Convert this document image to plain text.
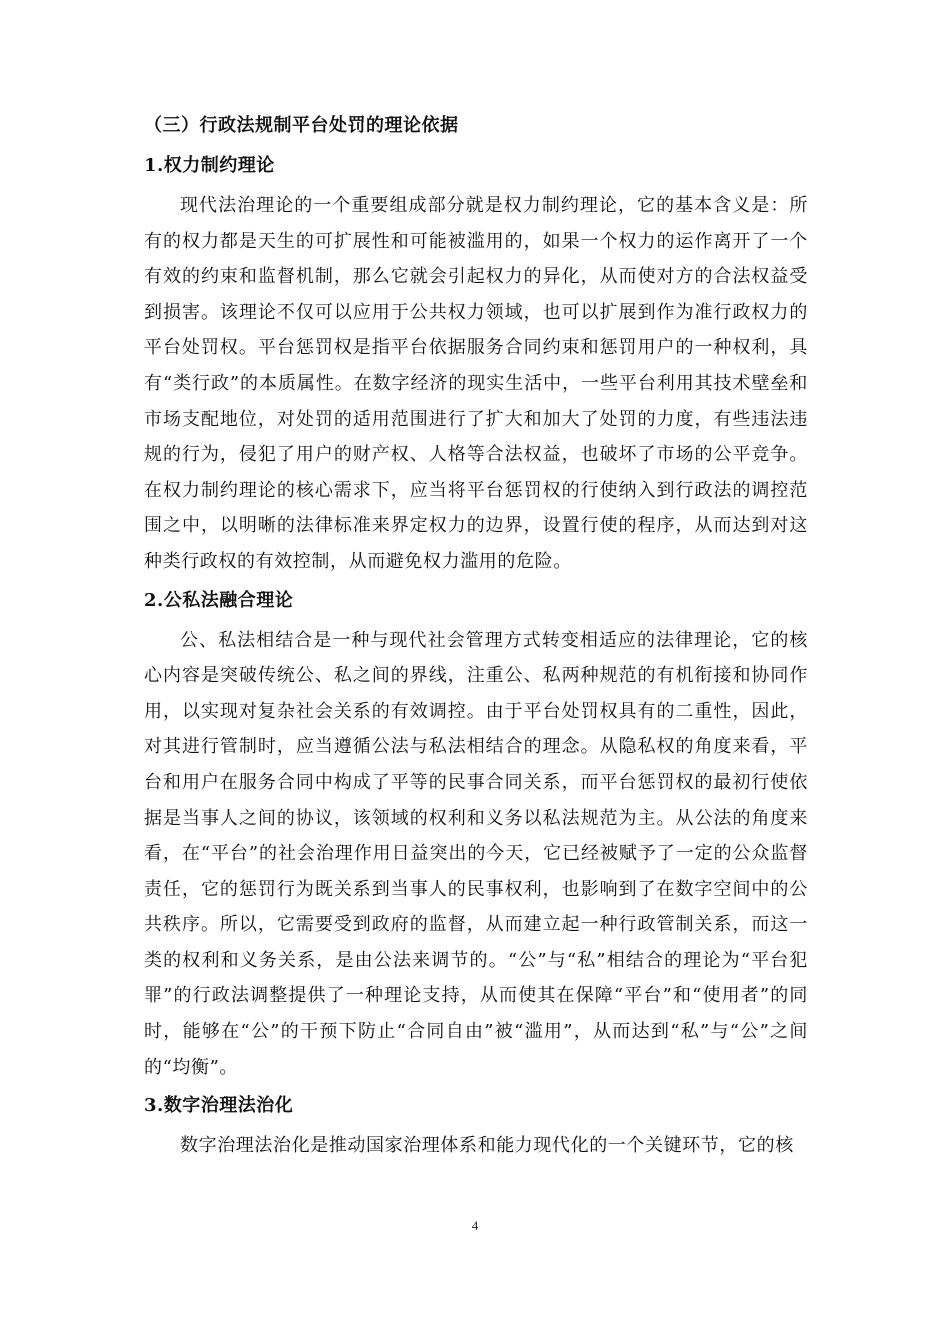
（三）行政法规制平台处罚的理论依据
1.权力制约理论

现代法治理论的一个重要组成部分就是权力制约理论，它的基本含义是：所有的权力都是天生的可扩展性和可能被滥用的，如果一个权力的运作离开了一个有效的约束和监督机制，那么它就会引起权力的异化，从而使对方的合法权益受到损害。该理论不仅可以应用于公共权力领域，也可以扩展到作为准行政权力的平台处罚权。平台惩罚权是指平台依据服务合同约束和惩罚用户的一种权利，具有“类行政”的本质属性。在数字经济的现实生活中，一些平台利用其技术壁垒和市场支配地位，对处罚的适用范围进行了扩大和加大了处罚的力度，有些违法违规的行为，侵犯了用户的财产权、人格等合法权益，也破坏了市场的公平竞争。在权力制约理论的核心需求下，应当将平台惩罚权的行使纳入到行政法的调控范围之中，以明晰的法律标准来界定权力的边界，设置行使的程序，从而达到对这种类行政权的有效控制，从而避免权力滥用的危险。

2.公私法融合理论

公、私法相结合是一种与现代社会管理方式转变相适应的法律理论，它的核心内容是突破传统公、私之间的界线，注重公、私两种规范的有机衔接和协同作用，以实现对复杂社会关系的有效调控。由于平台处罚权具有的二重性，因此，对其进行管制时，应当遵循公法与私法相结合的理念。从隐私权的角度来看，平台和用户在服务合同中构成了平等的民事合同关系，而平台惩罚权的最初行使依据是当事人之间的协议，该领域的权利和义务以私法规范为主。从公法的角度来看，在“平台”的社会治理作用日益突出的今天，它已经被赋予了一定的公众监督责任，它的惩罚行为既关系到当事人的民事权利，也影响到了在数字空间中的公共秩序。所以，它需要受到政府的监督，从而建立起一种行政管制关系，而这一类的权利和义务关系，是由公法来调节的。“公”与“私”相结合的理论为“平台犯罪”的行政法调整提供了一种理论支持，从而使其在保障“平台”和“使用者”的同时，能够在“公”的干预下防止“合同自由”被“滥用”，从而达到“私”与“公”之间的“均衡”。

3.数字治理法治化

数字治理法治化是推动国家治理体系和能力现代化的一个关键环节，它的核

4
